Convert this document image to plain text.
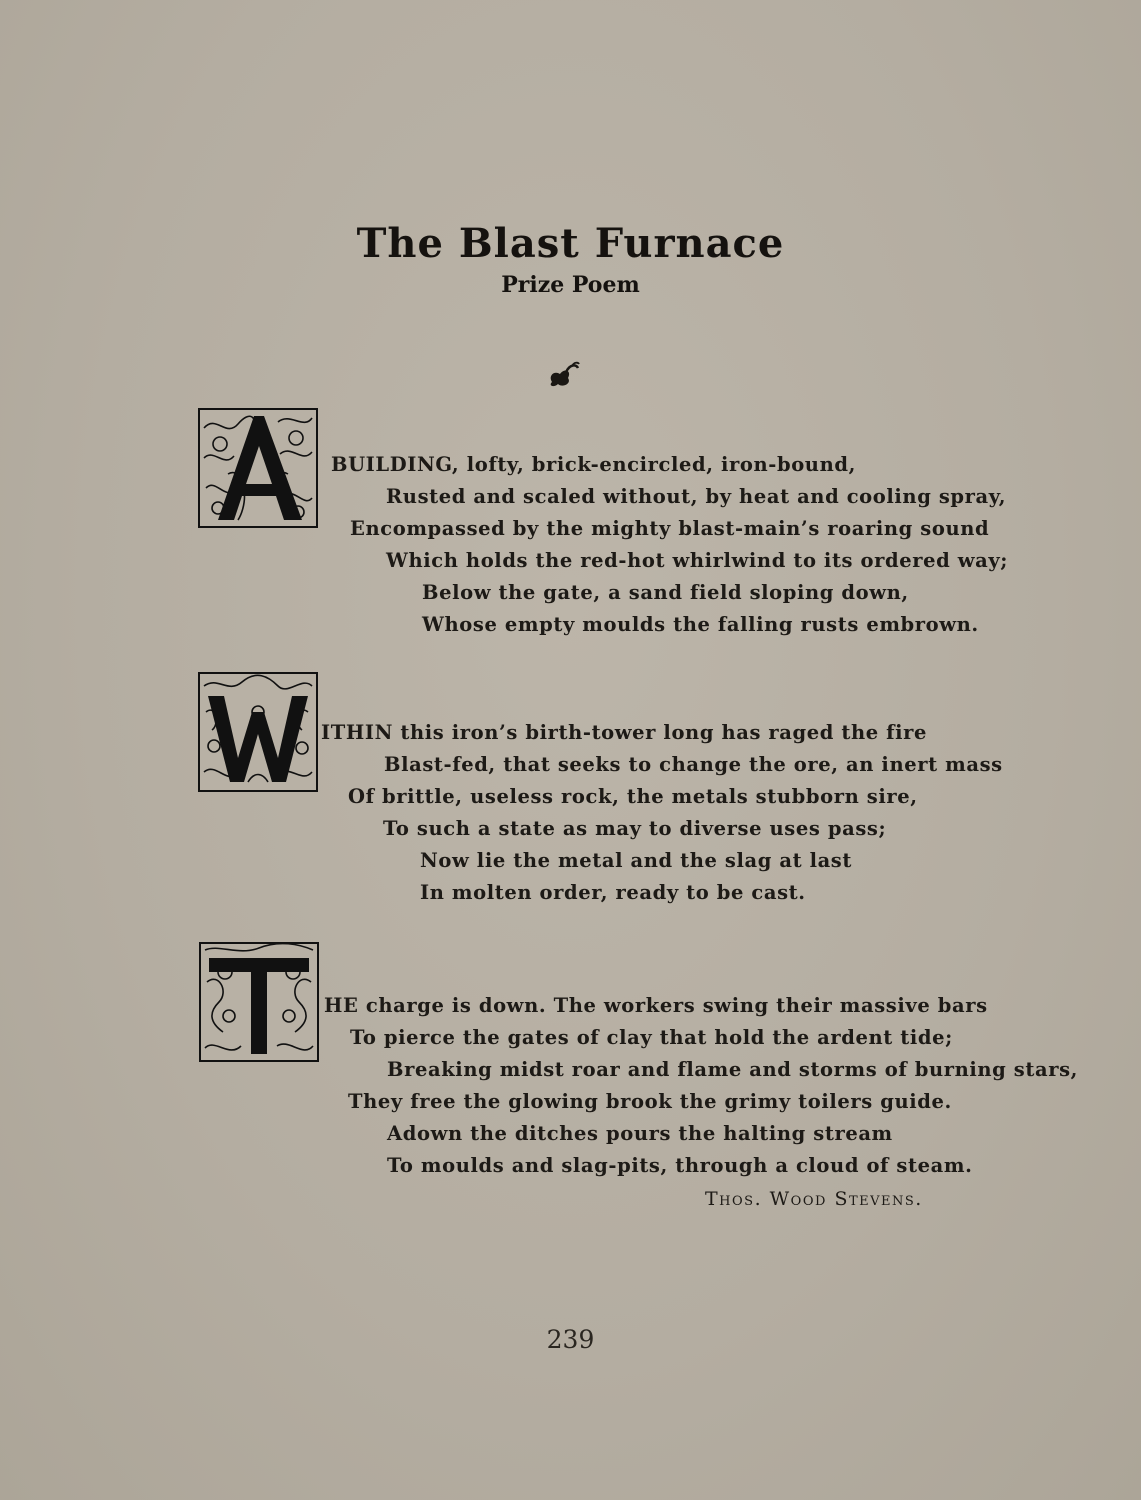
The Blast Furnace
Prize Poem
BUILDING, lofty, brick-encircled, iron-bound,
Rusted and scaled without, by heat and cooling spray,
Encompassed by the mighty blast-main’s roaring sound
Which holds the red-hot whirlwind to its ordered way;
Below the gate, a sand field sloping down,
Whose empty moulds the falling rusts embrown.
ITHIN this iron’s birth-tower long has raged the fire
Blast-fed, that seeks to change the ore, an inert mass
Of brittle, useless rock, the metals stubborn sire,
To such a state as may to diverse uses pass;
Now lie the metal and the slag at last
In molten order, ready to be cast.
HE charge is down. The workers swing their massive bars
To pierce the gates of clay that hold the ardent tide;
Breaking midst roar and flame and storms of burning stars,
They free the glowing brook the grimy toilers guide.
Adown the ditches pours the halting stream
To moulds and slag-pits, through a cloud of steam.
Thos. Wood Stevens.
239
